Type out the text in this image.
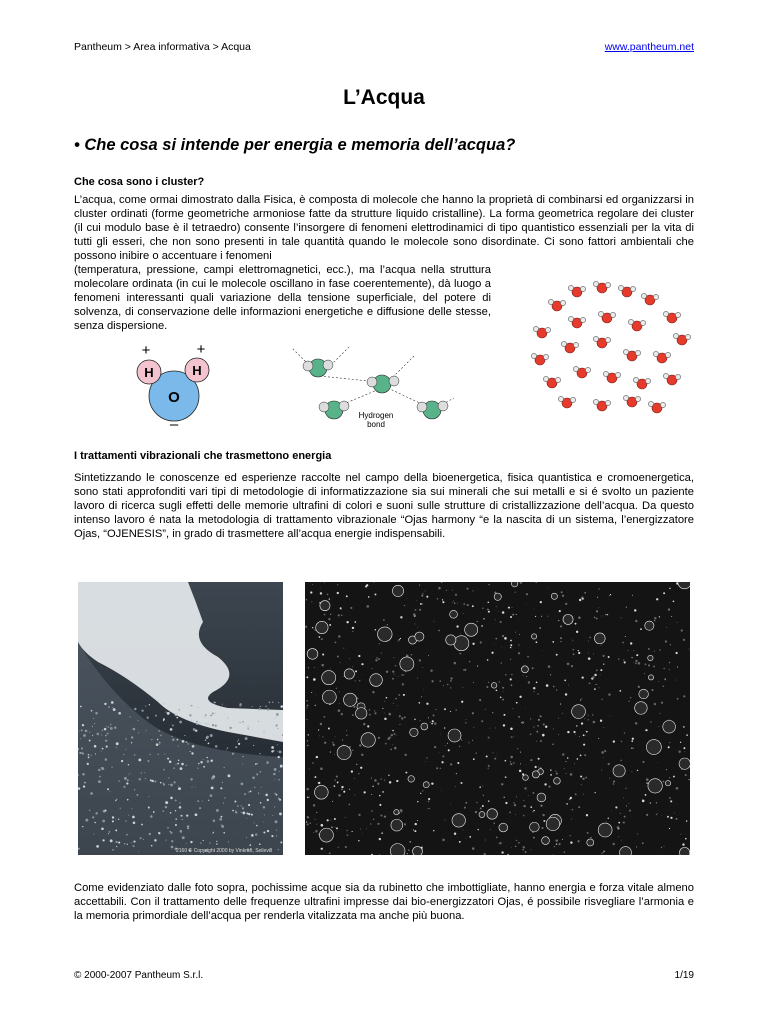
Pantheum > Area informativa > Acqua	www.pantheum.net
L’Acqua
• Che cosa si intende per energia e memoria dell’acqua?
Che cosa sono i cluster?
L’acqua, come ormai dimostrato dalla Fisica, è composta di molecole che hanno la proprietà di combinarsi ed organizzarsi in cluster ordinati (forme geometriche armoniose fatte da strutture liquido cristalline). La forma geometrica regolare dei cluster (il cui modulo base è il tetraedro) consente l’insorgere di fenomeni elettrodinamici di tipo quantistico essenziali per la vita di tutti gli esseri, che non sono presenti in tale quantità quando le molecole sono disordinate. Ci sono fattori ambientali che possono inibire o accentuare i fenomeni
(temperatura, pressione, campi elettromagnetici, ecc.), ma l’acqua nella struttura molecolare ordinata (in cui le molecole oscillano in fase coerentemente), dà luogo a fenomeni interessanti quali variazione della tensione superficiale, del potere di solvenza, di conservazione delle informazioni energetiche e diffusione delle stesse, senza dispersione.
+	+
H	H
O
–
Hydrogen
bond
I trattamenti vibrazionali che trasmettono energia
Sintetizzando le conoscenze ed esperienze raccolte nel campo della bioenergetica, fisica quantistica e cromoenergetica, sono stati approfonditi vari tipi di metodologie di informatizzazione sia sui minerali che sui metalli e si é svolto un paziente lavoro di ricerca sugli effetti delle memorie ultrafini di colori e suoni sulle strutture di cristallizzazione dell’acqua. Da questo intenso lavoro é nata la metodologia di trattamento vibrazionale “Ojas harmony “e la nascita di un sistema, l’energizzatore Ojas, “OJENESIS”, in grado di trasmettere all’acqua energie indispensabili.
2160 © Copyright 2000 by Vinkraft, Seilevill
Come evidenziato dalle foto sopra, pochissime acque sia da rubinetto che imbottigliate, hanno energia e forza vitale almeno accettabili. Con il trattamento delle frequenze ultrafini impresse dai bio-energizzatori Ojas, é possibile risvegliare l’armonia e la memoria primordiale dell’acqua per renderla vitalizzata ma anche più buona.
© 2000-2007 Pantheum S.r.l.	1/19
